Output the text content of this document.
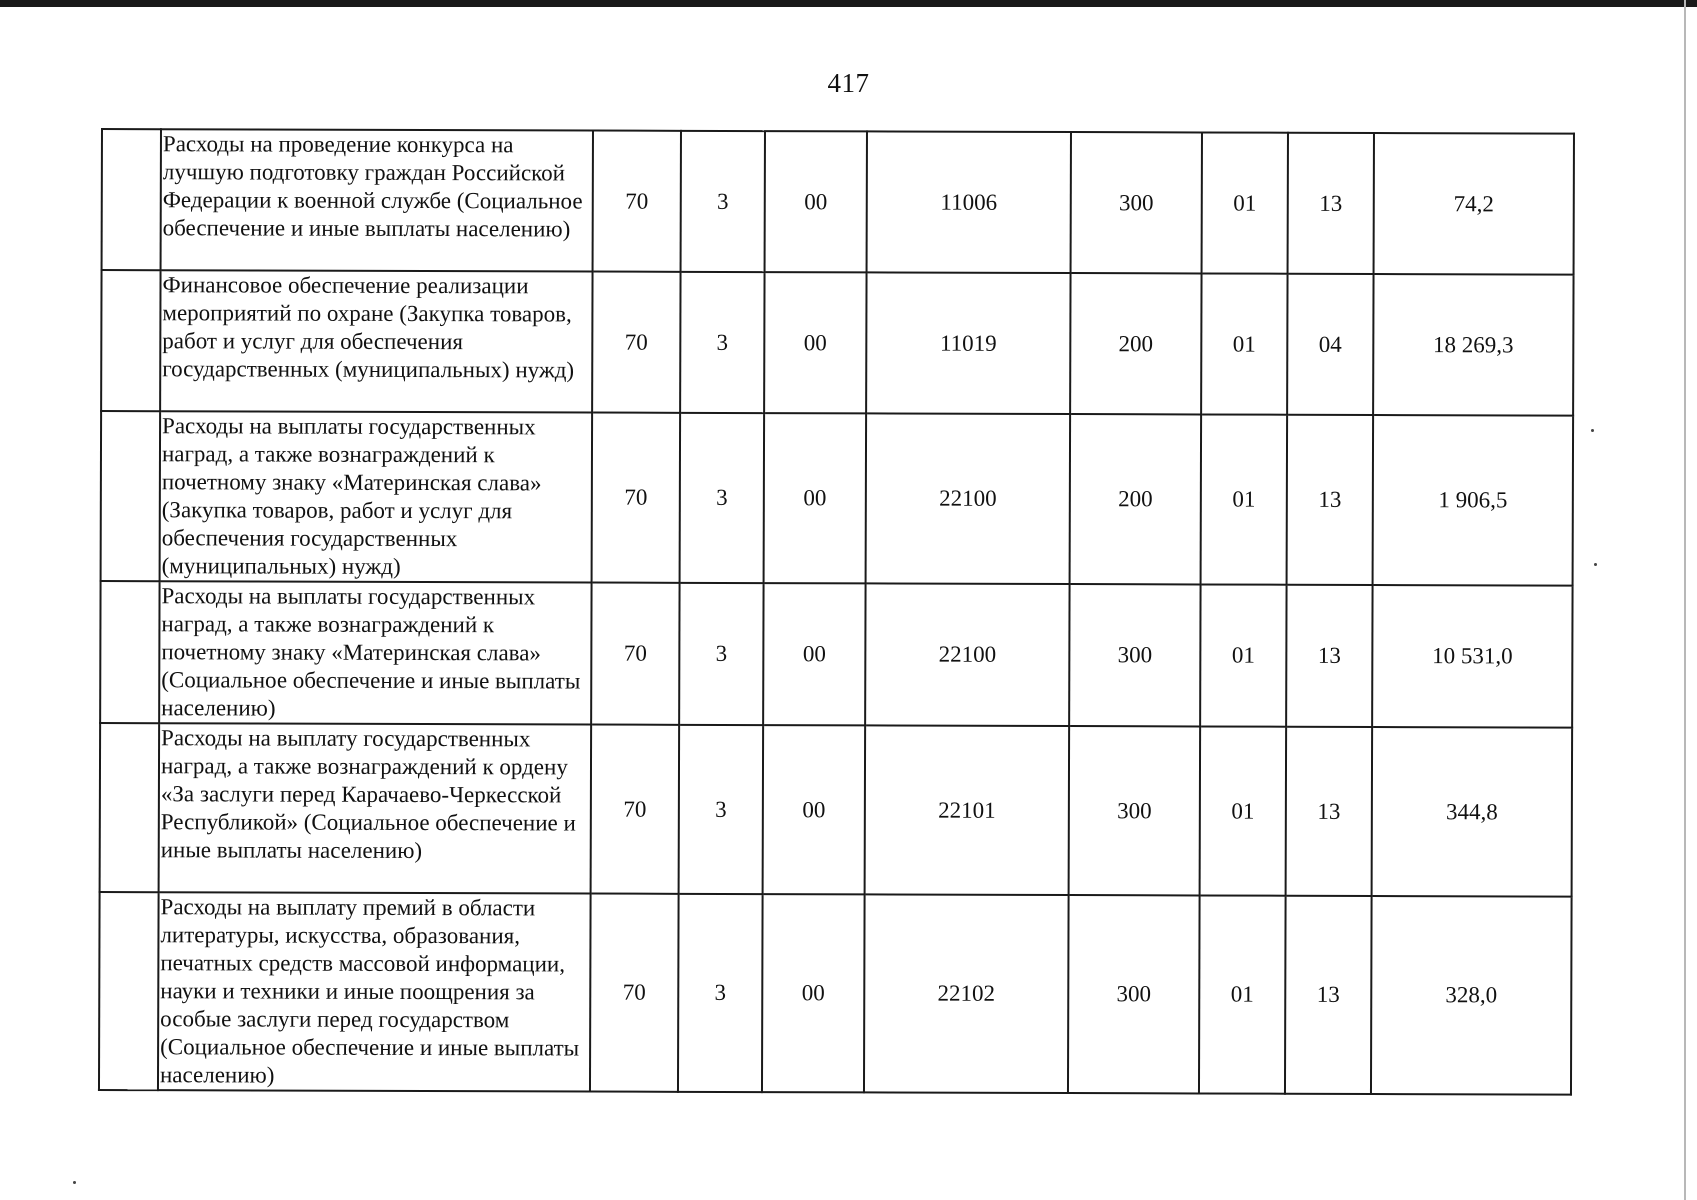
417
	Расходы на проведение конкурса на лучшую подготовку граждан Российской Федерации к военной службе (Социальное обеспечение и иные выплаты населению)	70	3	00	11006	300	01	13	74,2
	Финансовое обеспечение реализации мероприятий по охране (Закупка товаров, работ и услуг для обеспечения государственных (муниципальных) нужд)	70	3	00	11019	200	01	04	18 269,3
	Расходы на выплаты государственных наград, а также вознаграждений к почетному знаку «Материнская слава» (Закупка товаров, работ и услуг для обеспечения государственных (муниципальных) нужд)	70	3	00	22100	200	01	13	1 906,5
	Расходы на выплаты государственных наград, а также вознаграждений к почетному знаку «Материнская слава» (Социальное обеспечение и иные выплаты населению)	70	3	00	22100	300	01	13	10 531,0
	Расходы на выплату государственных наград, а также вознаграждений к ордену «За заслуги перед Карачаево-Черкесской Республикой» (Социальное обеспечение и иные выплаты населению)	70	3	00	22101	300	01	13	344,8
	Расходы на выплату премий в области литературы, искусства, образования, печатных средств массовой информации, науки и техники и иные поощрения за особые заслуги перед государством (Социальное обеспечение и иные выплаты населению)	70	3	00	22102	300	01	13	328,0
